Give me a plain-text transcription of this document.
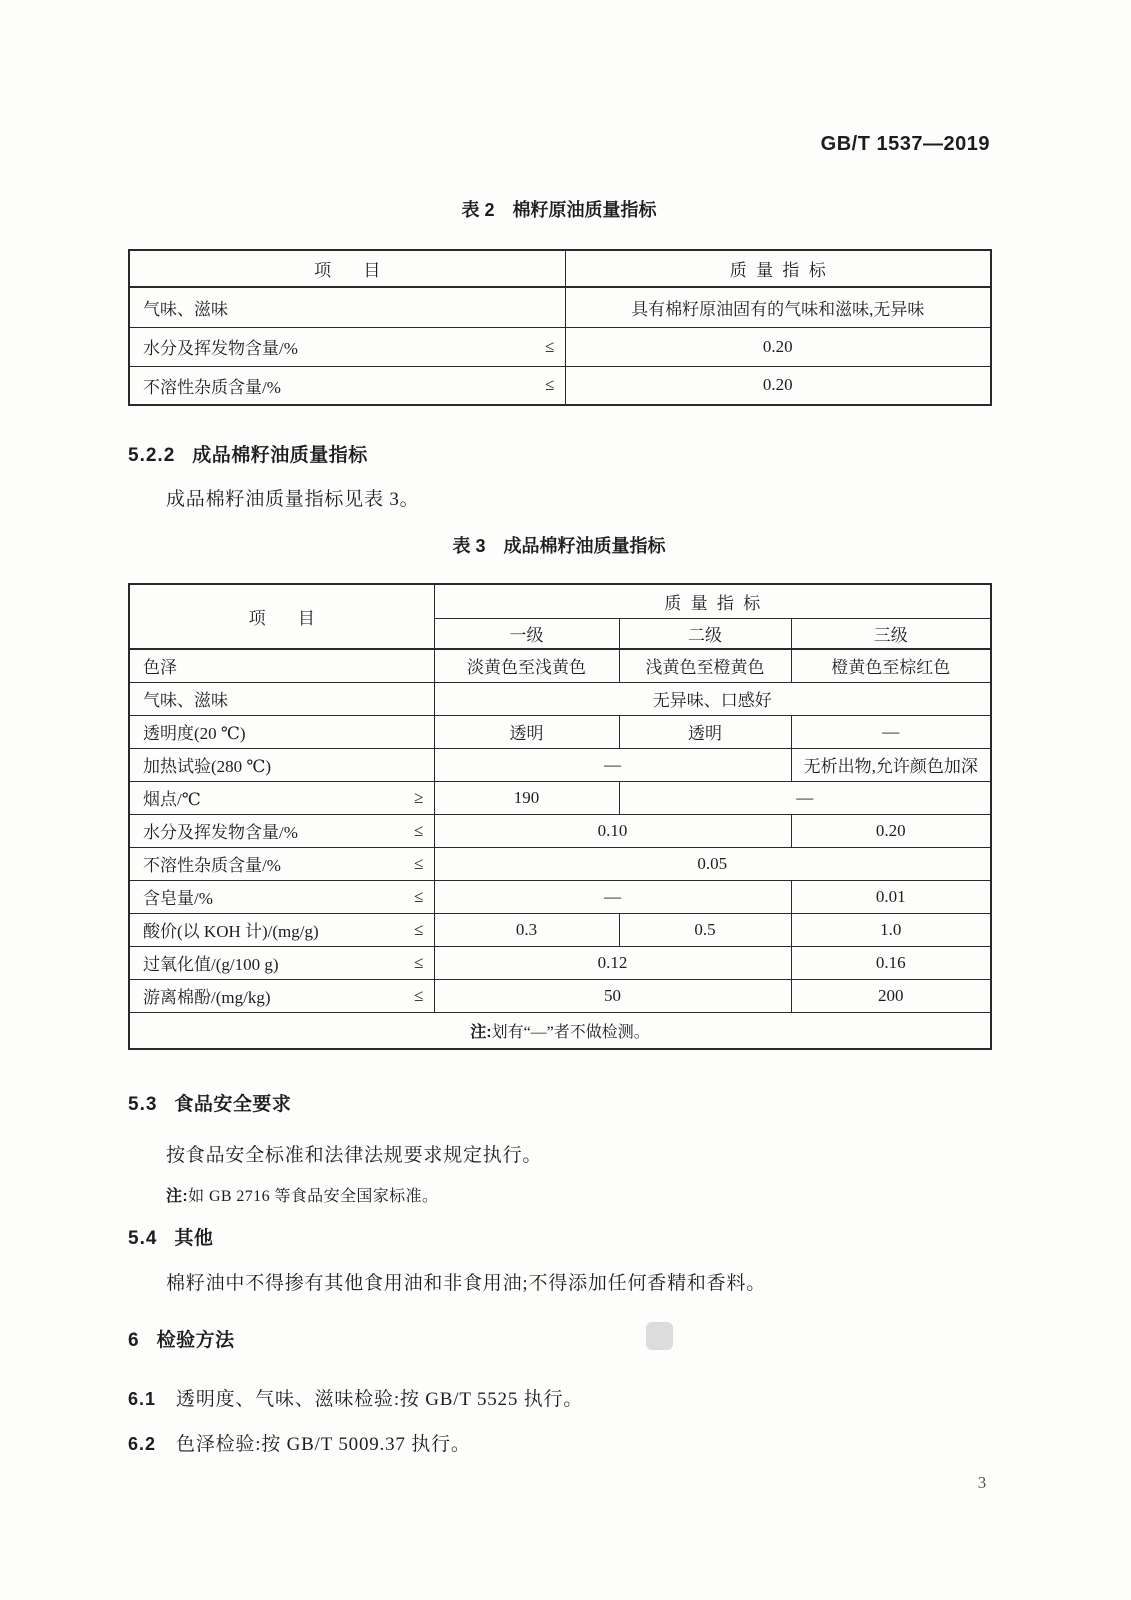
GB/T 1537—2019
表 2 棉籽原油质量指标
项目	质量指标

气味、滋味	具有棉籽原油固有的气味和滋味,无异味

水分及挥发物含量/% ≤	0.20

不溶性杂质含量/% ≤	0.20
5.2.2 成品棉籽油质量指标
成品棉籽油质量指标见表 3。
表 3 成品棉籽油质量指标
项目	质量指标		
	一级	二级	三级

色泽	淡黄色至浅黄色	浅黄色至橙黄色	橙黄色至棕红色

气味、滋味	无异味、口感好		

透明度(20 ℃)	透明	透明	—

加热试验(280 ℃)	—		无析出物,允许颜色加深

烟点/℃ ≥	190	—	

水分及挥发物含量/% ≤	0.10		0.20

不溶性杂质含量/% ≤	0.05		

含皂量/% ≤	—		0.01

酸价(以 KOH 计)/(mg/g) ≤	0.3	0.5	1.0

过氧化值/(g/100 g) ≤	0.12		0.16

游离棉酚/(mg/kg) ≤	50		200
注:划有“—”者不做检测。			
5.3 食品安全要求
按食品安全标准和法律法规要求规定执行。
注:如 GB 2716 等食品安全国家标准。
5.4 其他
棉籽油中不得掺有其他食用油和非食用油;不得添加任何香精和香料。
6 检验方法
6.1 透明度、气味、滋味检验:按 GB/T 5525 执行。
6.2 色泽检验:按 GB/T 5009.37 执行。
3
